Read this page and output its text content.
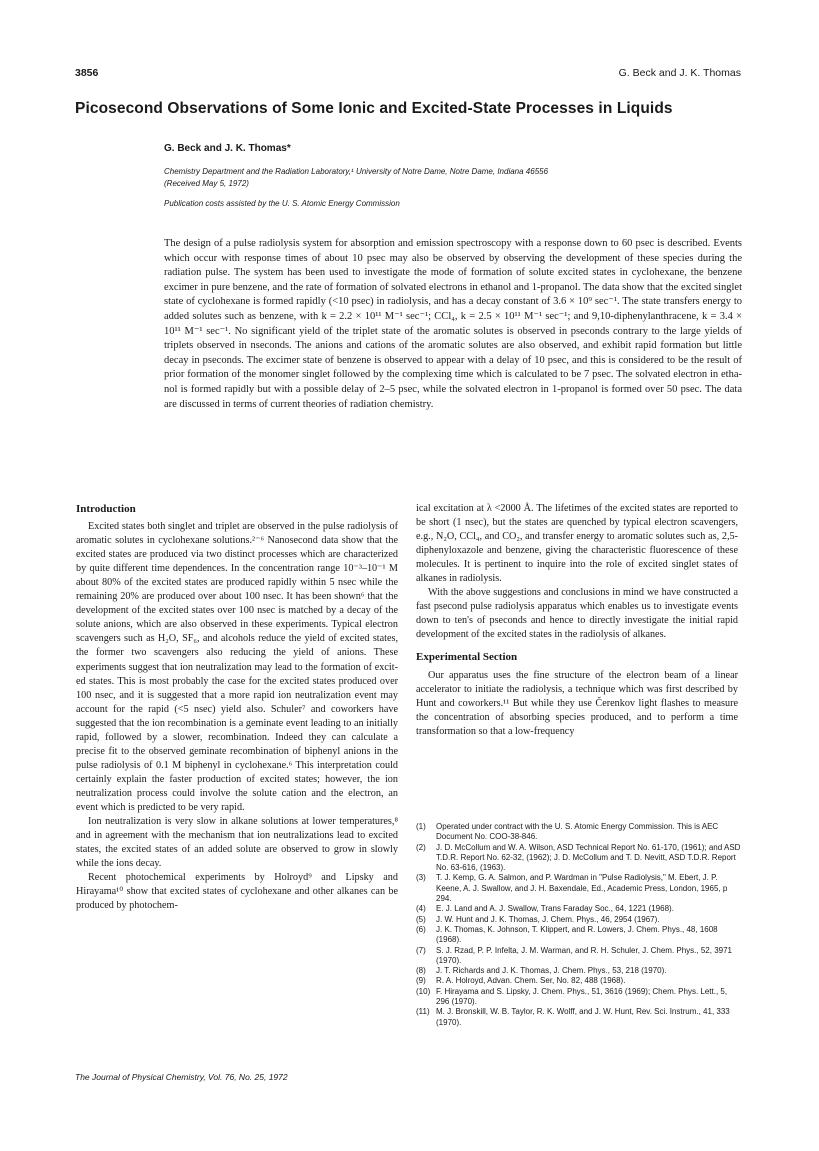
3856	G. Beck and J. K. Thomas
Picosecond Observations of Some Ionic and Excited-State Processes in Liquids
G. Beck and J. K. Thomas*
Chemistry Department and the Radiation Laboratory,¹ University of Notre Dame, Notre Dame, Indiana 46556
(Received May 5, 1972)
Publication costs assisted by the U. S. Atomic Energy Commission
The design of a pulse radiolysis system for absorption and emission spectroscopy with a response down to 60 psec is described. Events which occur with response times of about 10 psec may also be observed by observing the development of these species during the radiation pulse. The system has been used to investigate the mode of formation of solute excited states in cyclohexane, the benzene excimer in pure benzene, and the rate of formation of solvated electrons in ethanol and 1-propanol. The data show that the excited singlet state of cyclohexane is formed rapidly (<10 psec) in radiolysis, and has a decay constant of 3.6 × 10⁹ sec⁻¹. The state transfers energy to added solutes such as benzene, with k = 2.2 × 10¹¹ M⁻¹ sec⁻¹; CCl₄, k = 2.5 × 10¹¹ M⁻¹ sec⁻¹; and 9,10-diphenylanthracene, k = 3.4 × 10¹¹ M⁻¹ sec⁻¹. No significant yield of the triplet state of the aromatic solutes is observed in pseconds contrary to the large yields of triplets observed in nseconds. The anions and cations of the aromatic solutes are also observed, and exhibit rapid formation but little decay in pseconds. The excimer state of benzene is observed to appear with a delay of 10 psec, and this is considered to be the result of prior formation of the monomer singlet followed by the complexing time which is calculated to be 7 psec. The solvated electron in ethanol is formed rapidly but with a possible delay of 2–5 psec, while the solvated electron in 1-propanol is formed over 50 psec. The data are discussed in terms of current theories of radiation chemistry.
Introduction

Excited states both singlet and triplet are observed in the pulse radiolysis of aromatic solutes in cyclohexane solutions.²⁻⁶ Nanosecond data show that the excited states are produced via two distinct processes which are characterized by quite different time dependences. In the concentration range 10⁻³–10⁻¹ M about 80% of the excited states are produced rapidly within 5 nsec while the remaining 20% are produced over about 100 nsec. It has been shown⁶ that the development of the excited states over 100 nsec is matched by a decay of the solute anions, which are also observed in these experiments. Typical electron scavengers such as H₂O, SF₆, and alcohols reduce the yield of excited states, the former two scavengers also reducing the yield of anions. These experiments suggest that ion neutralization may lead to the formation of excited states. This is most probably the case for the excited states produced over 100 nsec, and it is suggested that a more rapid ion neutralization event may account for the rapid (<5 nsec) yield also. Schuler⁷ and coworkers have suggested that the ion recombination is a geminate event leading to an initially rapid, followed by a slower, recombination. Indeed they can calculate a precise fit to the observed geminate recombination of biphenyl anions in the pulse radiolysis of 0.1 M biphenyl in cyclohexane.⁶ This interpretation could certainly explain the faster production of excited states; however, the ion neutralization process could involve the solute cation and the electron, an event which is predicted to be very rapid.

Ion neutralization is very slow in alkane solutions at lower temperatures,⁸ and in agreement with the mechanism that ion neutralizations lead to excited states, the excited states of an added solute are observed to grow in slowly while the ions decay.

Recent photochemical experiments by Holroyd⁹ and Lipsky and Hirayama¹⁰ show that excited states of cyclohexane and other alkanes can be produced by photochem-

ical excitation at λ <2000 Å. The lifetimes of the excited states are reported to be short (1 nsec), but the states are quenched by typical electron scavengers, e.g., N₂O, CCl₄, and CO₂, and transfer energy to aromatic solutes such as, 2,5-diphenyloxazole and benzene, giving the characteristic fluorescence of these molecules. It is pertinent to inquire into the role of excited singlet states of alkanes in radiolysis.

With the above suggestions and conclusions in mind we have constructed a fast psecond pulse radiolysis apparatus which enables us to investigate events down to ten's of pseconds and hence to directly investigate the initial rapid development of the excited states in the radiolysis of alkanes.

Experimental Section

Our apparatus uses the fine structure of the electron beam of a linear accelerator to initiate the radiolysis, a technique which was first described by Hunt and coworkers.¹¹ But while they use Čerenkov light flashes to measure the concentration of absorbing species produced, and to perform a time transformation so that a low-frequency

(1) Operated under contract with the U. S. Atomic Energy Commission. This is AEC Document No. COO-38-846.
(2) J. D. McCollum and W. A. Wilson, ASD Technical Report No. 61-170, (1961); and ASD T.D.R. Report No. 62-32, (1962); J. D. McCollum and T. D. Nevitt, ASD T.D.R. Report No. 63-616, (1963).
(3) T. J. Kemp, G. A. Salmon, and P. Wardman in "Pulse Radiolysis," M. Ebert, J. P. Keene, A. J. Swallow, and J. H. Baxendale, Ed., Academic Press, London, 1965, p 294.
(4) E. J. Land and A. J. Swallow, Trans Faraday Soc., 64, 1221 (1968).
(5) J. W. Hunt and J. K. Thomas, J. Chem. Phys., 46, 2954 (1967).
(6) J. K. Thomas, K. Johnson, T. Klippert, and R. Lowers, J. Chem. Phys., 48, 1608 (1968).
(7) S. J. Rzad, P. P. Infelta, J. M. Warman, and R. H. Schuler, J. Chem. Phys., 52, 3971 (1970).
(8) J. T. Richards and J. K. Thomas, J. Chem. Phys., 53, 218 (1970).
(9) R. A. Holroyd, Advan. Chem. Ser, No. 82, 488 (1968).
(10) F. Hirayama and S. Lipsky, J. Chem. Phys., 51, 3616 (1969); Chem. Phys. Lett., 5, 296 (1970).
(11) M. J. Bronskill, W. B. Taylor, R. K. Wolff, and J. W. Hunt, Rev. Sci. Instrum., 41, 333 (1970).
The Journal of Physical Chemistry, Vol. 76, No. 25, 1972
